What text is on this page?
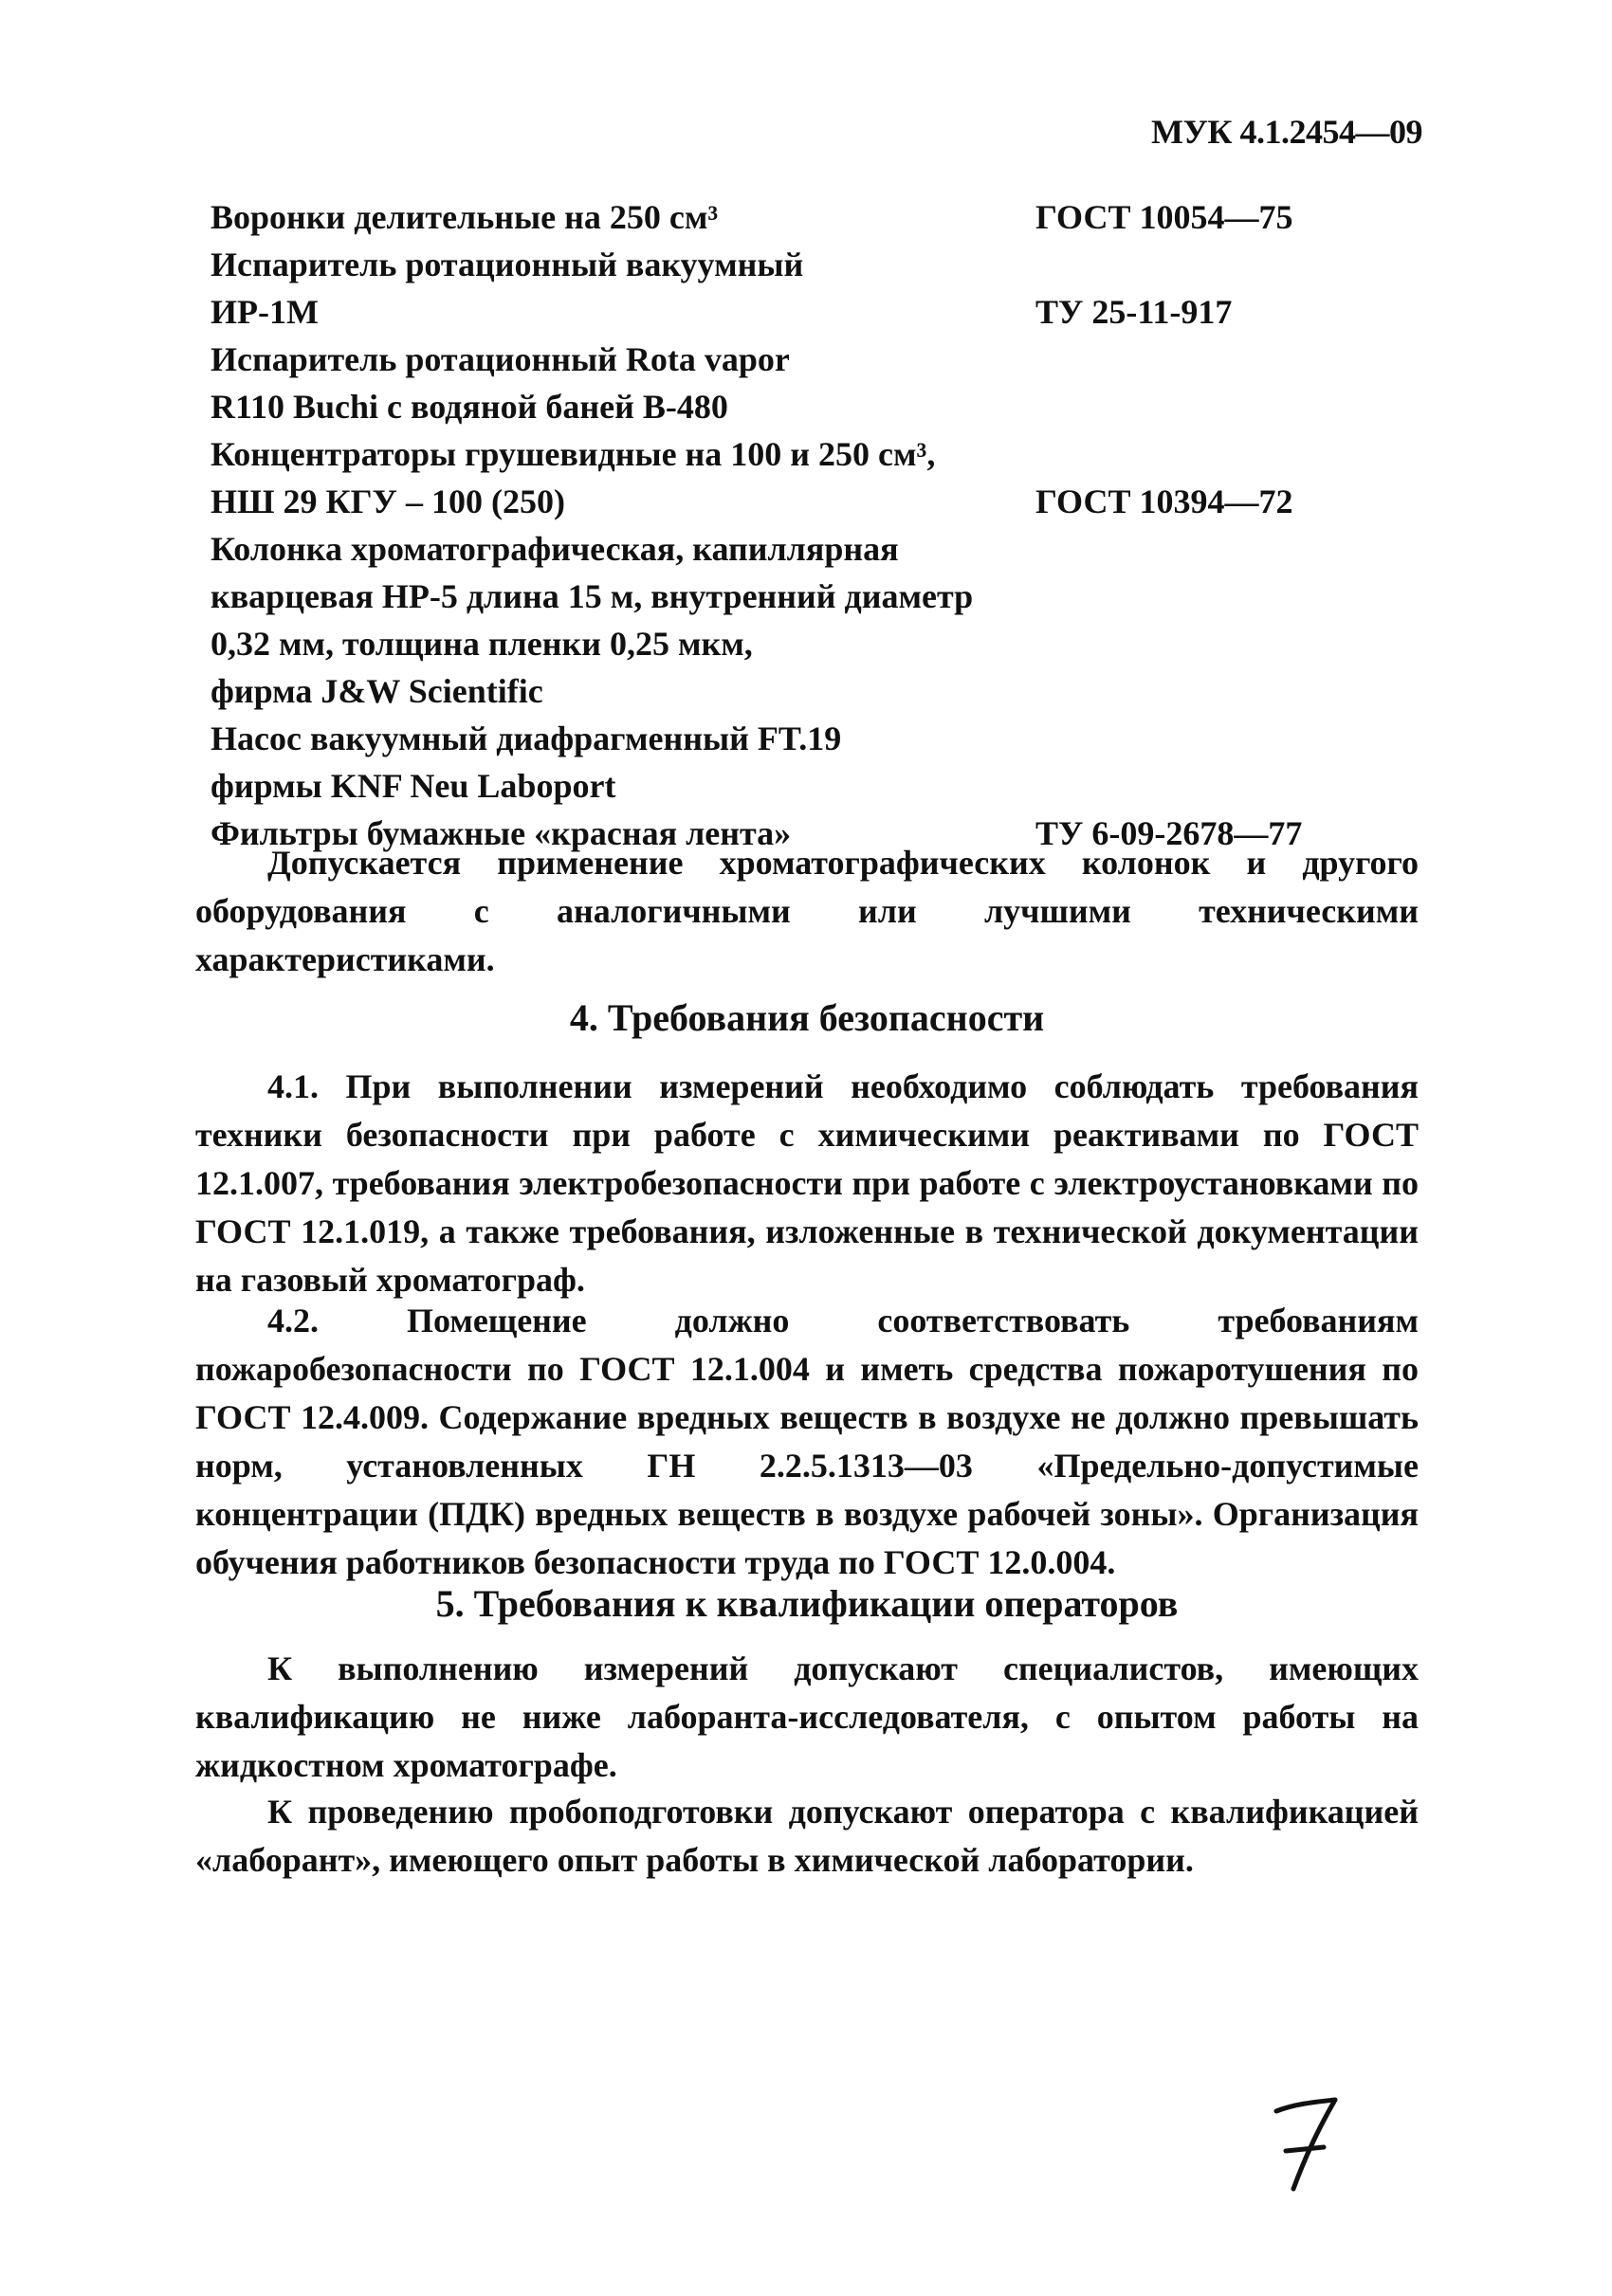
МУК 4.1.2454—09
Воронки делительные на 250 см³	ГОСТ 10054—75
Испаритель ротационный вакуумный
ИР-1М	ТУ 25-11-917
Испаритель ротационный Rota vapor
R110 Buchi с водяной баней В-480
Концентраторы грушевидные на 100 и 250 см³,
НШ 29 КГУ – 100 (250)	ГОСТ 10394—72
Колонка хроматографическая, капиллярная
кварцевая HP-5 длина 15 м, внутренний диаметр
0,32 мм, толщина пленки 0,25 мкм,
фирма J&W Scientific
Насос вакуумный диафрагменный FT.19
фирмы KNF Neu Laboport
Фильтры бумажные «красная лента»	ТУ 6-09-2678—77

Допускается применение хроматографических колонок и другого оборудования с аналогичными или лучшими техническими характеристиками.

4. Требования безопасности

4.1. При выполнении измерений необходимо соблюдать требования техники безопасности при работе с химическими реактивами по ГОСТ 12.1.007, требования электробезопасности при работе с электроустановками по ГОСТ 12.1.019, а также требования, изложенные в технической документации на газовый хроматограф.

4.2. Помещение должно соответствовать требованиям пожаробезопасности по ГОСТ 12.1.004 и иметь средства пожаротушения по ГОСТ 12.4.009. Содержание вредных веществ в воздухе не должно превышать норм, установленных ГН 2.2.5.1313—03 «Предельно-допустимые концентрации (ПДК) вредных веществ в воздухе рабочей зоны». Организация обучения работников безопасности труда по ГОСТ 12.0.004.

5. Требования к квалификации операторов

К выполнению измерений допускают специалистов, имеющих квалификацию не ниже лаборанта-исследователя, с опытом работы на жидкостном хроматографе.

К проведению пробоподготовки допускают оператора с квалификацией «лаборант», имеющего опыт работы в химической лаборатории.
